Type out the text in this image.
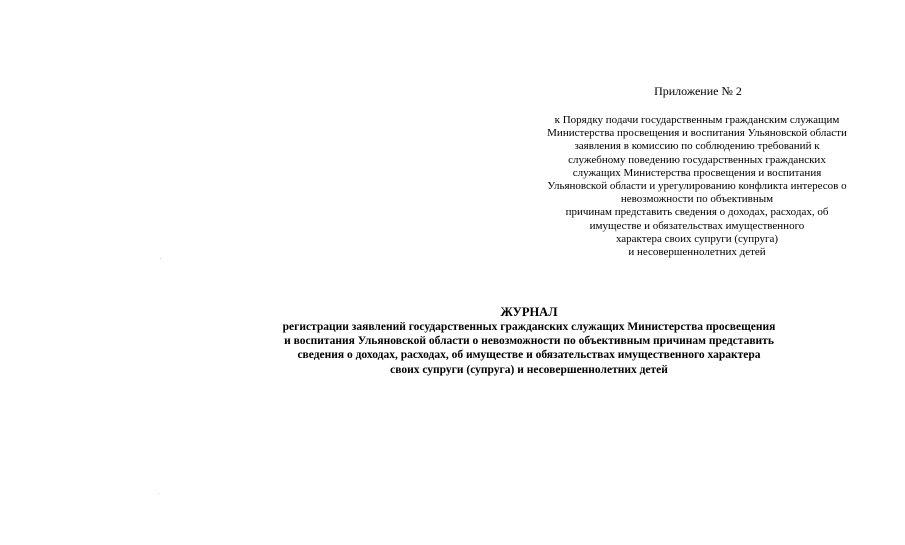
Приложение № 2

к Порядку подачи государственным гражданским служащим
Министерства просвещения и воспитания Ульяновской области
заявления в комиссию по соблюдению требований к
служебному поведению государственных гражданских
служащих Министерства просвещения и воспитания
Ульяновской области и урегулированию конфликта интересов о
невозможности по объективным
причинам представить сведения о доходах, расходах, об
имуществе и обязательствах имущественного
характера своих супруги (супруга)
и несовершеннолетних детей

ЖУРНАЛ

регистрации заявлений государственных гражданских служащих Министерства просвещения
и воспитания Ульяновской области о невозможности по объективным причинам представить
сведения о доходах, расходах, об имуществе и обязательствах имущественного характера
своих супруги (супруга) и несовершеннолетних детей
